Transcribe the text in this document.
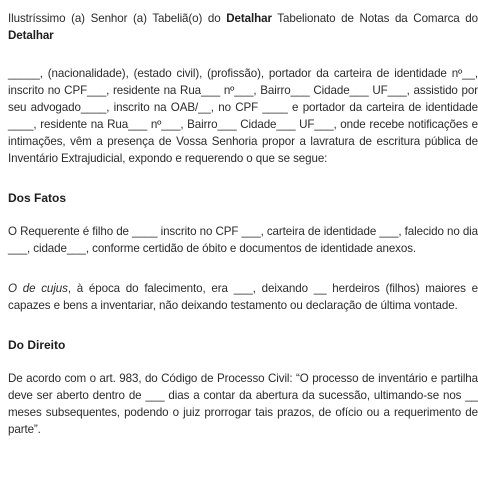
Ilustríssimo (a) Senhor (a) Tabeliã(o) do Detalhar Tabelionato de Notas da Comarca do Detalhar

_____, (nacionalidade), (estado civil), (profissão), portador da carteira de identidade nº__, inscrito no CPF___, residente na Rua___ nº___, Bairro___ Cidade___ UF___, assistido por seu advogado____, inscrito na OAB/__, no CPF ____ e portador da carteira de identidade ____, residente na Rua___ nº___, Bairro___ Cidade___ UF___, onde recebe notificações e intimações, vêm a presença de Vossa Senhoria propor a lavratura de escritura pública de Inventário Extrajudicial, expondo e requerendo o que se segue:

Dos Fatos

O Requerente é filho de ____ inscrito no CPF ___, carteira de identidade ___, falecido no dia ___, cidade___, conforme certidão de óbito e documentos de identidade anexos.

O de cujus, à época do falecimento, era ___, deixando __ herdeiros (filhos) maiores e capazes e bens a inventariar, não deixando testamento ou declaração de última vontade.

Do Direito

De acordo com o art. 983, do Código de Processo Civil: “O processo de inventário e partilha deve ser aberto dentro de ___ dias a contar da abertura da sucessão, ultimando-se nos __ meses subsequentes, podendo o juiz prorrogar tais prazos, de ofício ou a requerimento de parte”.
